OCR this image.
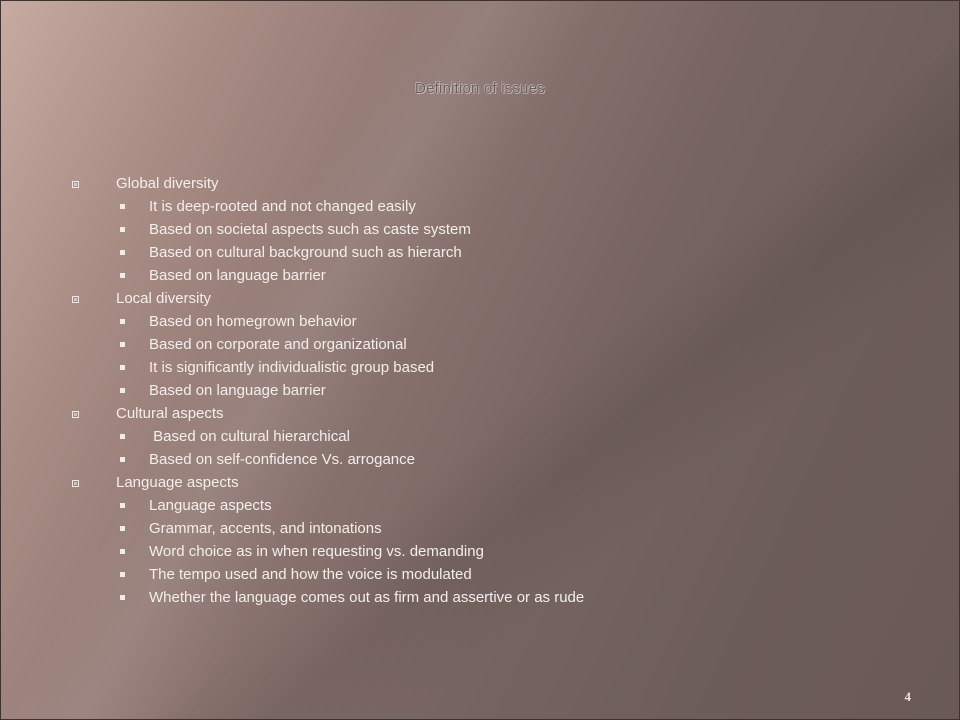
Definition of issues
Global diversity
It is deep-rooted and not changed easily
Based on societal aspects such as caste system
Based on cultural background such as hierarch
Based on language barrier
Local diversity
Based on homegrown behavior
Based on corporate and organizational
It is significantly individualistic group based
Based on language barrier
Cultural aspects
Based on cultural hierarchical
Based on self-confidence Vs. arrogance
Language aspects
Language aspects
Grammar, accents, and intonations
Word choice as in when requesting vs. demanding
The tempo used and how the voice is modulated
Whether the language comes out as firm and assertive or as rude
4
